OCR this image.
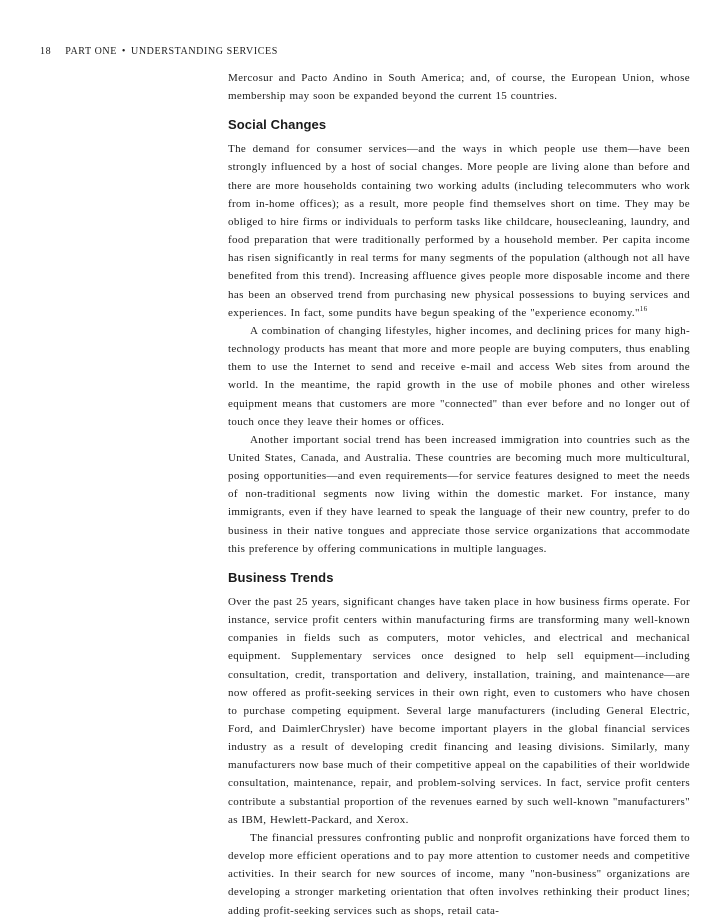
18 PART ONE • UNDERSTANDING SERVICES

Mercosur and Pacto Andino in South America; and, of course, the European Union, whose membership may soon be expanded beyond the current 15 countries.

Social Changes

The demand for consumer services—and the ways in which people use them—have been strongly influenced by a host of social changes. More people are living alone than before and there are more households containing two working adults (including telecommuters who work from in-home offices); as a result, more people find themselves short on time. They may be obliged to hire firms or individuals to perform tasks like childcare, housecleaning, laundry, and food preparation that were traditionally performed by a household member. Per capita income has risen significantly in real terms for many segments of the population (although not all have benefited from this trend). Increasing affluence gives people more disposable income and there has been an observed trend from purchasing new physical possessions to buying services and experiences. In fact, some pundits have begun speaking of the "experience economy."$^{16}$

A combination of changing lifestyles, higher incomes, and declining prices for many high-technology products has meant that more and more people are buying computers, thus enabling them to use the Internet to send and receive e-mail and access Web sites from around the world. In the meantime, the rapid growth in the use of mobile phones and other wireless equipment means that customers are more "connected" than ever before and no longer out of touch once they leave their homes or offices.

Another important social trend has been increased immigration into countries such as the United States, Canada, and Australia. These countries are becoming much more multicultural, posing opportunities—and even requirements—for service features designed to meet the needs of non-traditional segments now living within the domestic market. For instance, many immigrants, even if they have learned to speak the language of their new country, prefer to do business in their native tongues and appreciate those service organizations that accommodate this preference by offering communications in multiple languages.

Business Trends

Over the past 25 years, significant changes have taken place in how business firms operate. For instance, service profit centers within manufacturing firms are transforming many well-known companies in fields such as computers, motor vehicles, and electrical and mechanical equipment. Supplementary services once designed to help sell equipment—including consultation, credit, transportation and delivery, installation, training, and maintenance—are now offered as profit-seeking services in their own right, even to customers who have chosen to purchase competing equipment. Several large manufacturers (including General Electric, Ford, and DaimlerChrysler) have become important players in the global financial services industry as a result of developing credit financing and leasing divisions. Similarly, many manufacturers now base much of their competitive appeal on the capabilities of their worldwide consultation, maintenance, repair, and problem-solving services. In fact, service profit centers contribute a substantial proportion of the revenues earned by such well-known "manufacturers" as IBM, Hewlett-Packard, and Xerox.

The financial pressures confronting public and nonprofit organizations have forced them to develop more efficient operations and to pay more attention to customer needs and competitive activities. In their search for new sources of income, many "non-business" organizations are developing a stronger marketing orientation that often involves rethinking their product lines; adding profit-seeking services such as shops, retail cata-
